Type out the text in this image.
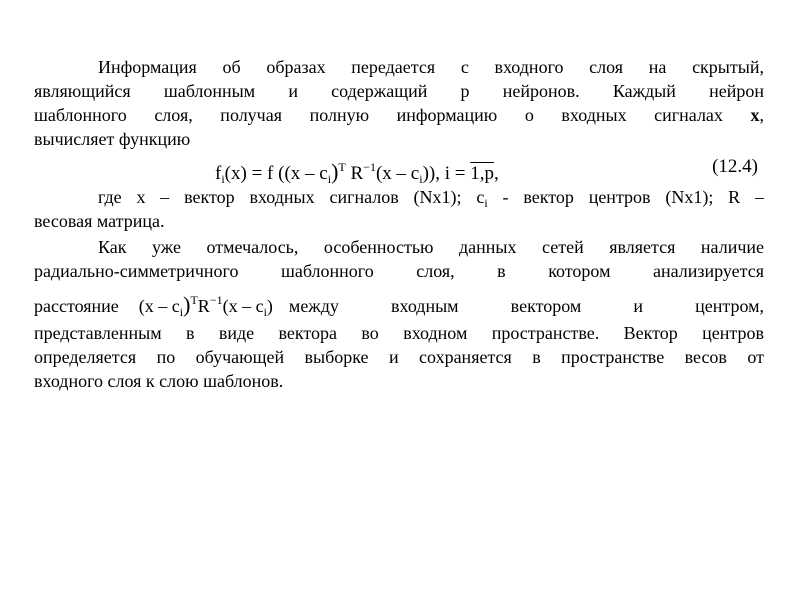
Информация об образах передается с входного слоя на скрытый,
являющийся шаблонным и содержащий p нейронов. Каждый нейрон
шаблонного слоя, получая полную информацию о входных сигналах x,
вычисляет функцию
$f_i(x) = f$ ($(x - c_i)^T$ $R^{-1}(x - c_i)$), i = 1,p,	(12.4)
где x – вектор входных сигналов (Nx1); $c_i$ - вектор центров (Nx1); R –
весовая матрица.
Как уже отмечалось, особенностью данных сетей является наличие
радиально-симметричного шаблонного слоя, в котором анализируется
расстояние $(x - c_i)^TR^{-1}(x - c_i)$ между входным вектором и центром,
представленным в виде вектора во входном пространстве. Вектор центров
определяется по обучающей выборке и сохраняется в пространстве весов от
входного слоя к слою шаблонов.
